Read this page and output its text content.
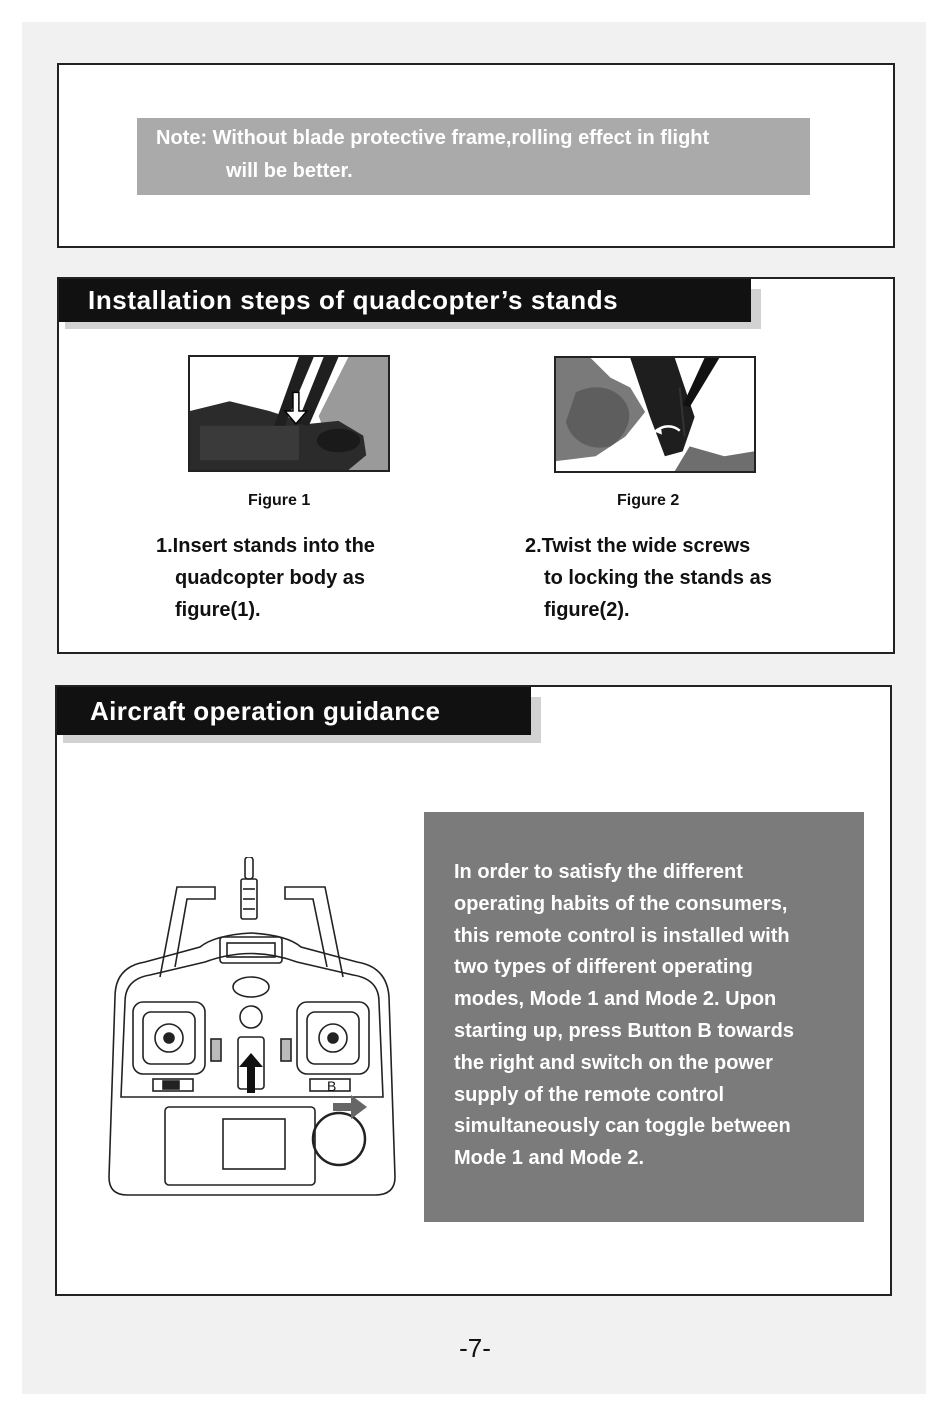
Note: Without blade protective frame,rolling effect in flight
will be better.
Installation steps of quadcopter’s stands
Figure 1	Figure 2

1.Insert stands into the
quadcopter body as
figure(1).

2.Twist the wide screws
to locking the stands as
figure(2).

Aircraft operation guidance
B
In order to satisfy the different
operating habits of the consumers,
this remote control is installed with
two types of different operating
modes, Mode 1 and Mode 2. Upon
starting up, press Button B towards
the right and switch on the power
supply of the remote control
simultaneously can toggle between
Mode 1 and Mode 2.
-7-
